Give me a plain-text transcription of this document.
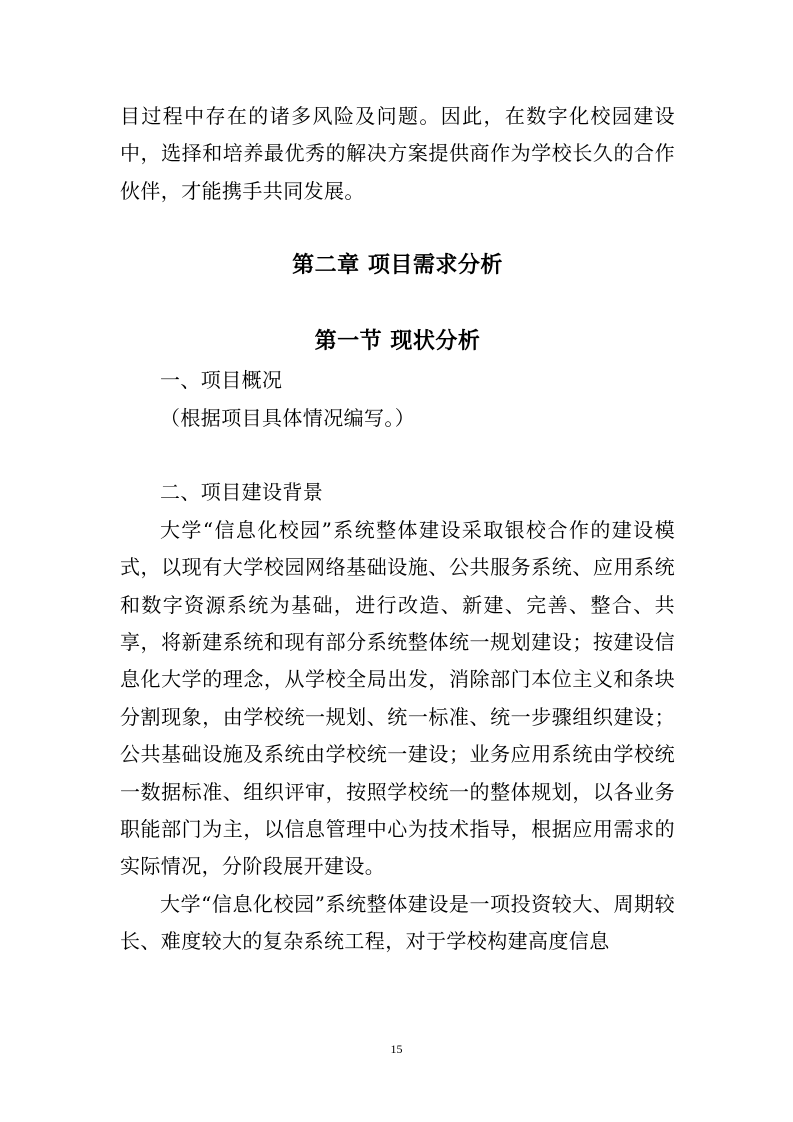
目过程中存在的诸多风险及问题。因此，在数字化校园建设中，选择和培养最优秀的解决方案提供商作为学校长久的合作伙伴，才能携手共同发展。

第二章 项目需求分析
第一节 现状分析

一、项目概况

（根据项目具体情况编写。）

二、项目建设背景

大学“信息化校园”系统整体建设采取银校合作的建设模式，以现有大学校园网络基础设施、公共服务系统、应用系统和数字资源系统为基础，进行改造、新建、完善、整合、共享，将新建系统和现有部分系统整体统一规划建设；按建设信息化大学的理念，从学校全局出发，消除部门本位主义和条块分割现象，由学校统一规划、统一标准、统一步骤组织建设；公共基础设施及系统由学校统一建设；业务应用系统由学校统一数据标准、组织评审，按照学校统一的整体规划，以各业务职能部门为主，以信息管理中心为技术指导，根据应用需求的实际情况，分阶段展开建设。

大学“信息化校园”系统整体建设是一项投资较大、周期较长、难度较大的复杂系统工程，对于学校构建高度信息

15
